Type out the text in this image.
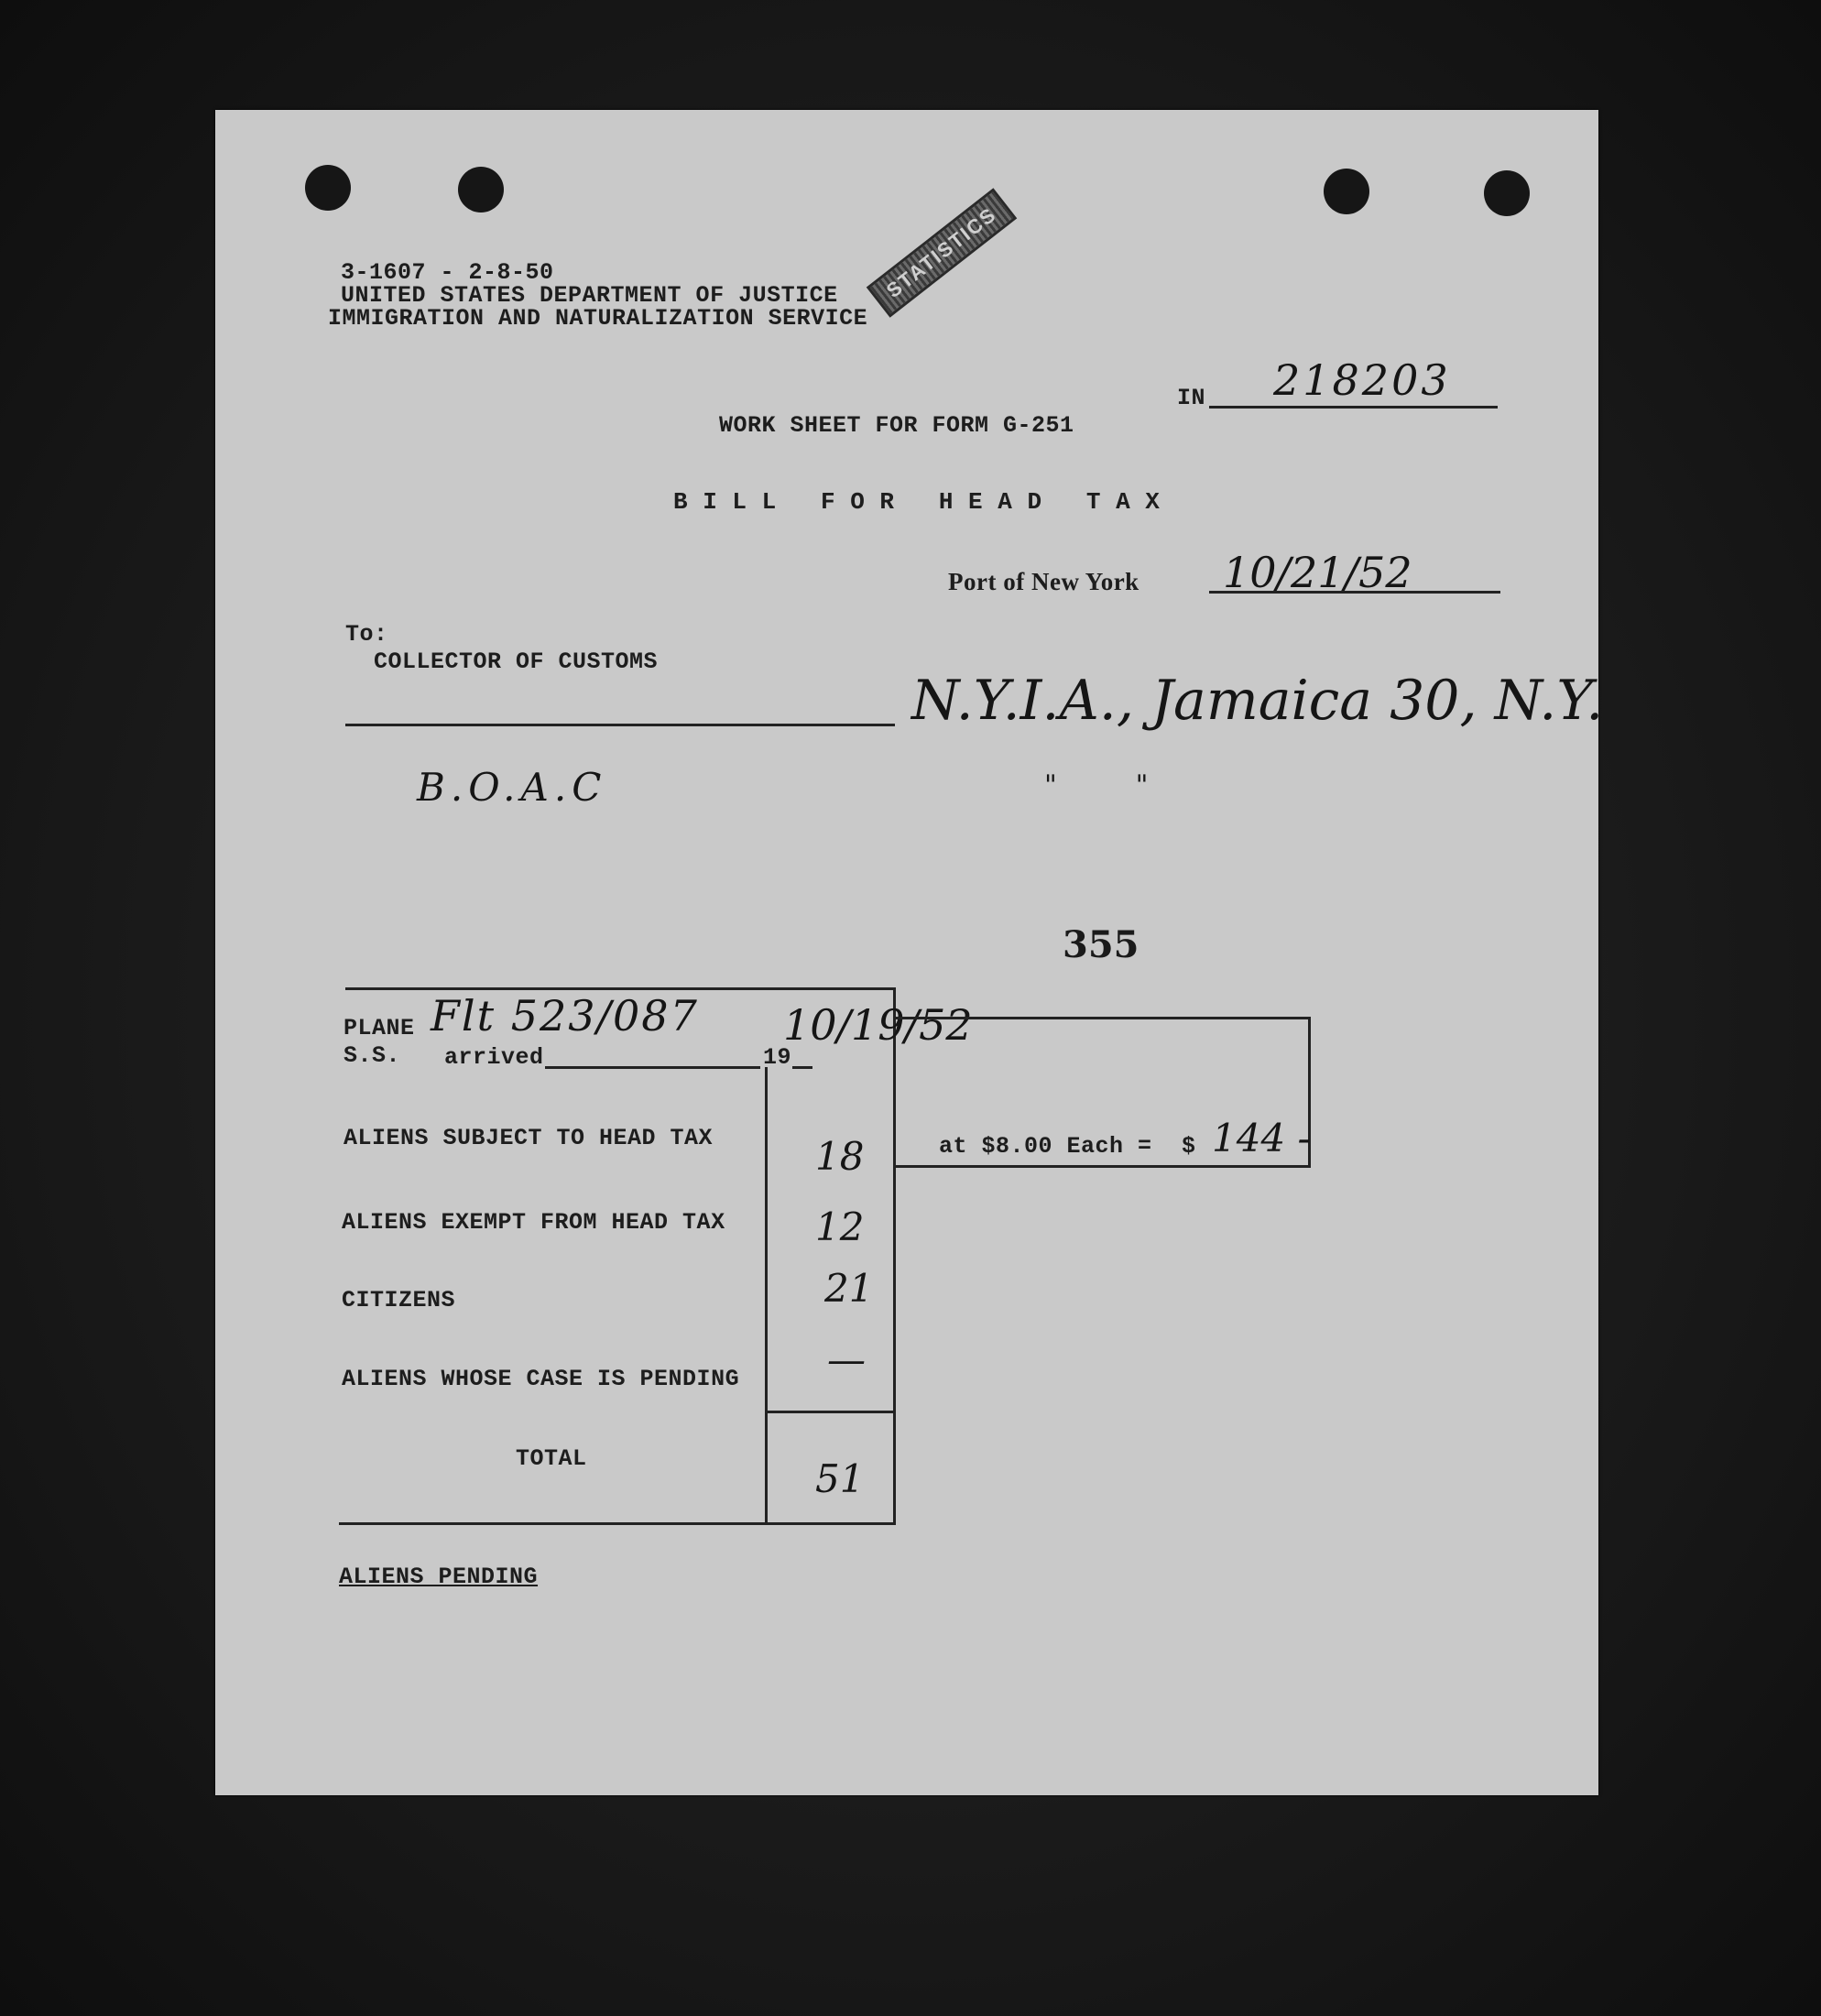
3-1607 - 2-8-50
UNITED STATES DEPARTMENT OF JUSTICE
IMMIGRATION AND NATURALIZATION SERVICE
STATISTICS
IN 218203
WORK SHEET FOR FORM G-251
B I L L   F O R   H E A D   T A X
Port of New York 10/21/52
To:
COLLECTOR OF CUSTOMS
N.Y.I.A., Jamaica 30, N.Y.
B.O.A.C	"         "
355
PLANE
S.S. arrived	19
Flt 523/087 10/19/52
ALIENS SUBJECT TO HEAD TAX	18
ALIENS EXEMPT FROM HEAD TAX 12
CITIZENS	21
ALIENS WHOSE CASE IS PENDING —
TOTAL	51
at $8.00 Each = $ 144 -
ALIENS PENDING
